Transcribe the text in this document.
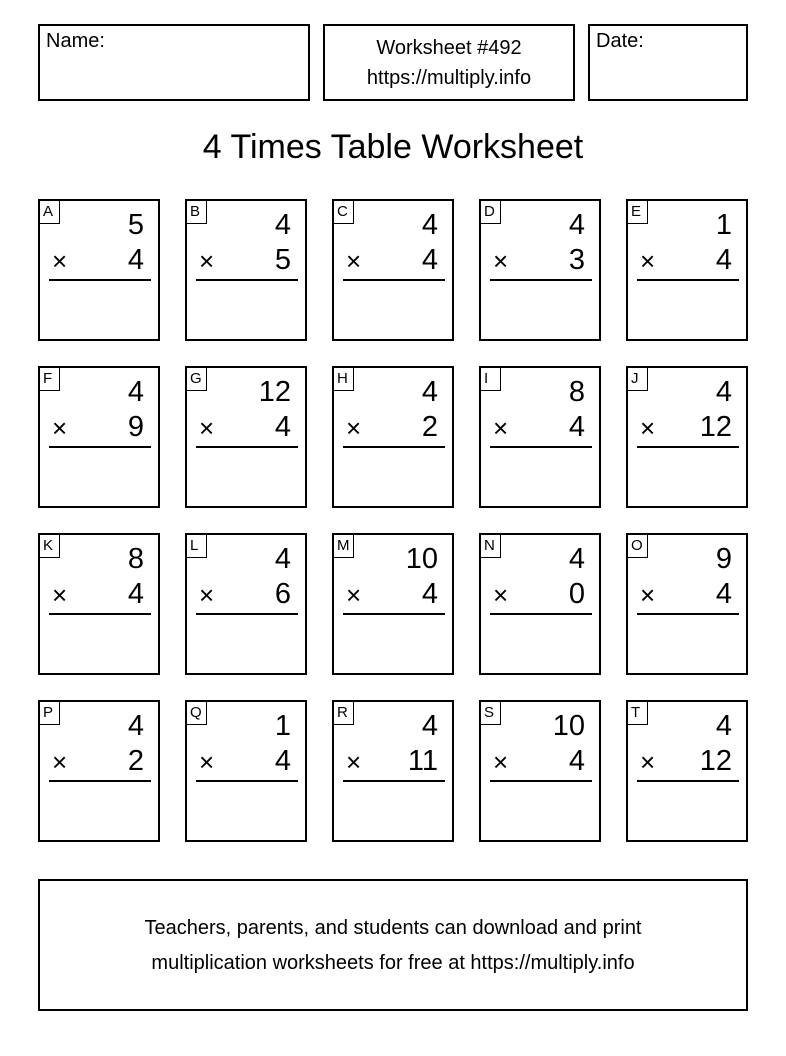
Name:	Worksheet #492
https://multiply.info
Date:
4 Times Table Worksheet
A	5
× 4
B	4
× 5
C	4
× 4
D	4
× 3
E	1
× 4
F	4
× 9
G 12
× 4
H	4
× 2
I	8
× 4
J	4
× 12
K	8
× 4
L	4
× 6
M 10
× 4
N	4
× 0
O	9
× 4
P	4
× 2
Q	1
× 4
R	4
× 11
S 10
× 4
T	4
× 12
Teachers, parents, and students can download and print
multiplication worksheets for free at https://multiply.info
